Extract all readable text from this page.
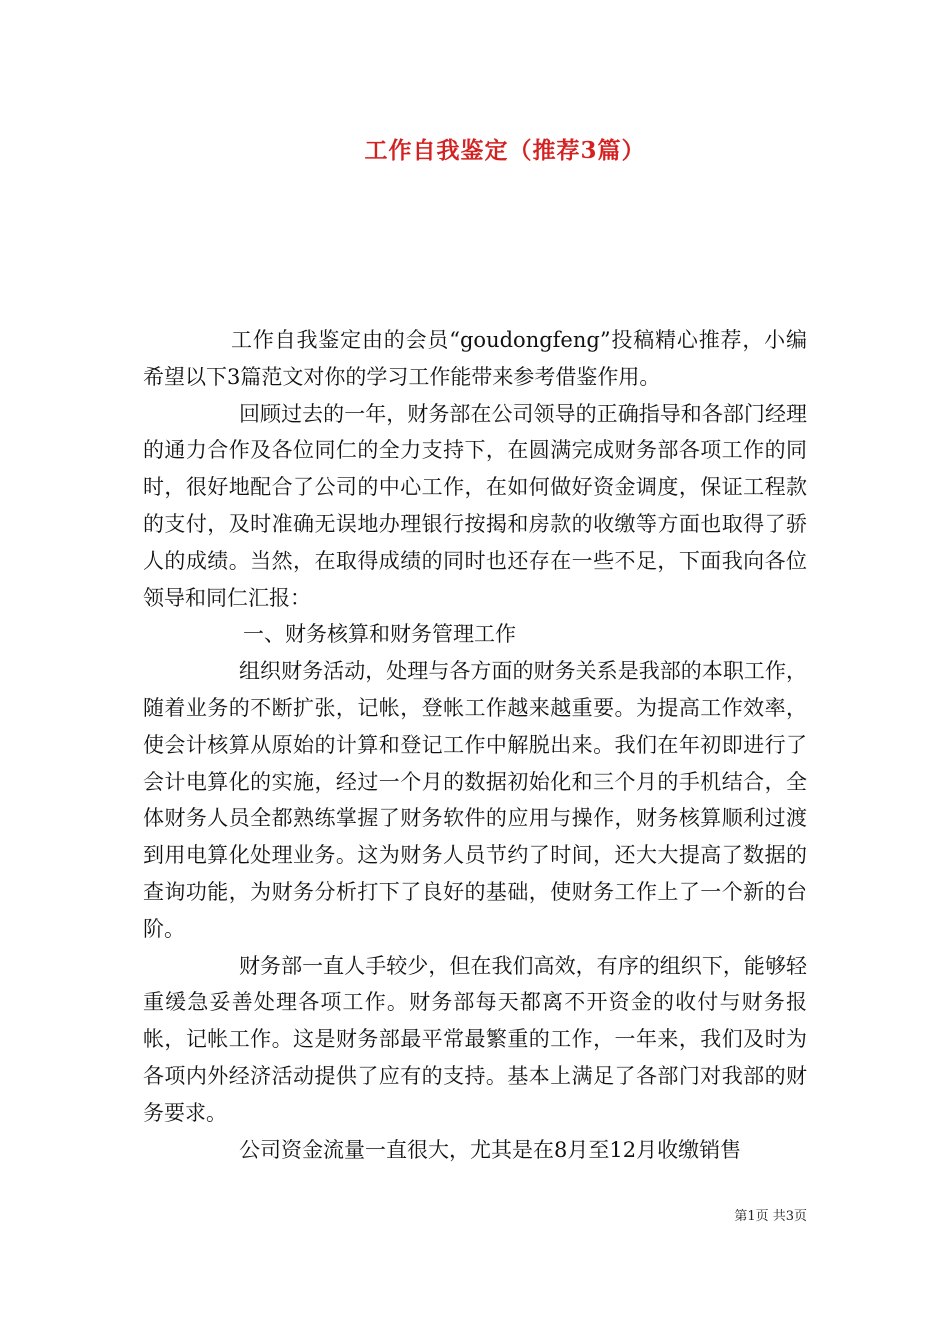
工作自我鉴定（推荐3篇）

工作自我鉴定由的会员“goudongfeng”投稿精心推荐，小编希望以下3篇范文对你的学习工作能带来参考借鉴作用。

回顾过去的一年，财务部在公司领导的正确指导和各部门经理的通力合作及各位同仁的全力支持下，在圆满完成财务部各项工作的同时，很好地配合了公司的中心工作，在如何做好资金调度，保证工程款的支付，及时准确无误地办理银行按揭和房款的收缴等方面也取得了骄人的成绩。当然，在取得成绩的同时也还存在一些不足，下面我向各位领导和同仁汇报：

一、财务核算和财务管理工作

组织财务活动，处理与各方面的财务关系是我部的本职工作，随着业务的不断扩张，记帐，登帐工作越来越重要。为提高工作效率，使会计核算从原始的计算和登记工作中解脱出来。我们在年初即进行了会计电算化的实施，经过一个月的数据初始化和三个月的手机结合，全体财务人员全都熟练掌握了财务软件的应用与操作，财务核算顺利过渡到用电算化处理业务。这为财务人员节约了时间，还大大提高了数据的查询功能，为财务分析打下了良好的基础，使财务工作上了一个新的台阶。

财务部一直人手较少，但在我们高效，有序的组织下，能够轻重缓急妥善处理各项工作。财务部每天都离不开资金的收付与财务报帐，记帐工作。这是财务部最平常最繁重的工作，一年来，我们及时为各项内外经济活动提供了应有的支持。基本上满足了各部门对我部的财务要求。

公司资金流量一直很大，尤其是在8月至12月收缴销售

第1页 共3页
